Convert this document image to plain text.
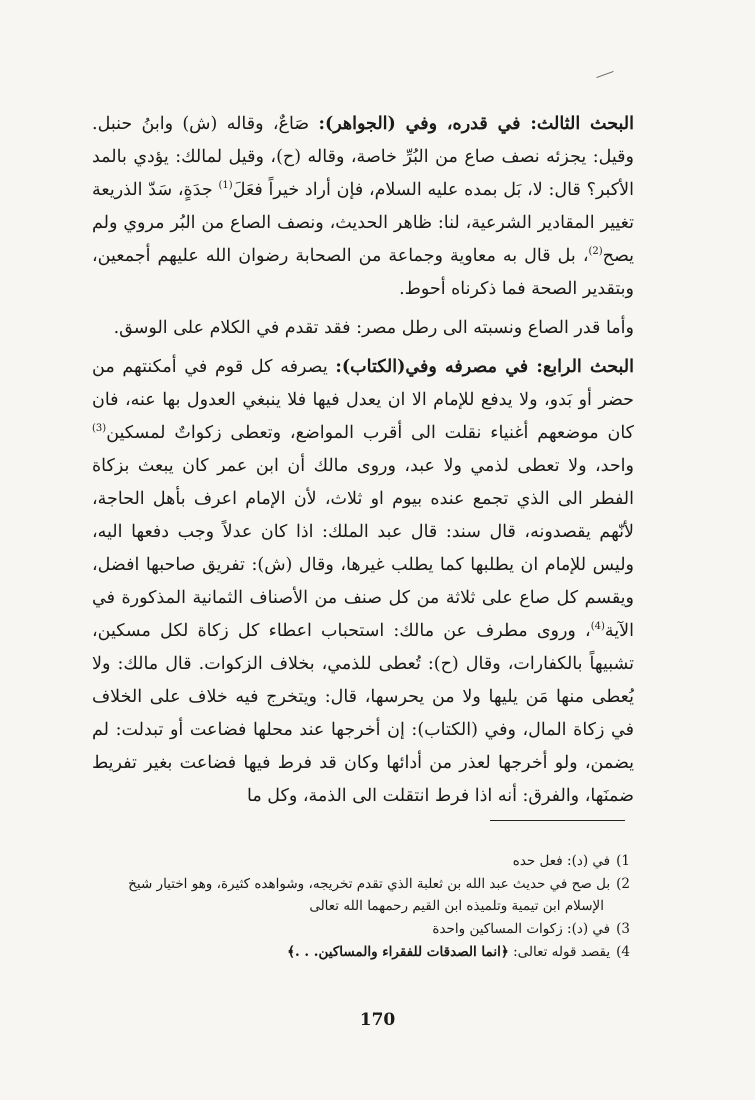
البحث الثالث: في قدره، وفي (الجواهر): صَاعٌ، وقاله (ش) وابنُ حنبل. وقيل: يجزئه نصف صاع من البُرِّ خاصة، وقاله (ح)، وقيل لمالك: يؤدي بالمد الأكبر؟ قال: لا، بَل بمده عليه السلام، فإن أراد خيراً فعَلَ$^{(1)}$ جدَةٍ، سَدّ الذريعة تغيير المقادير الشرعية، لنا: ظاهر الحديث، ونصف الصاع من البُر مروي ولم يصح$^{(2)}$، بل قال به معاوية وجماعة من الصحابة رضوان الله عليهم أجمعين، وبتقدير الصحة فما ذكرناه أحوط.

وأما قدر الصاع ونسبته الى رطل مصر: فقد تقدم في الكلام على الوسق.

البحث الرابع: في مصرفه وفي(الكتاب): يصرفه كل قوم في أمكنتهم من حضر أو بَدو، ولا يدفع للإمام الا ان يعدل فيها فلا ينبغي العدول بها عنه، فان كان موضعهم أغنياء نقلت الى أقرب المواضع، وتعطى زكواتٌ لمسكين$^{(3)}$ واحد، ولا تعطى لذمي ولا عبد، وروى مالك أن ابن عمر كان يبعث بزكاة الفطر الى الذي تجمع عنده بيوم او ثلاث، لأن الإمام اعرف بأهل الحاجة، لأنّهم يقصدونه، قال سند: قال عبد الملك: اذا كان عدلاً وجب دفعها اليه، وليس للإمام ان يطلبها كما يطلب غيرها، وقال (ش): تفريق صاحبها افضل، ويقسم كل صاع على ثلاثة من كل صنف من الأصناف الثمانية المذكورة في الآية$^{(4)}$، وروى مطرف عن مالك: استحباب اعطاء كل زكاة لكل مسكين، تشبيهاً بالكفارات، وقال (ح): تُعطى للذمي، بخلاف الزكوات. قال مالك: ولا يُعطى منها مَن يليها ولا من يحرسها، قال: ويتخرج فيه خلاف على الخلاف في زكاة المال، وفي (الكتاب): إن أخرجها عند محلها فضاعت أو تبدلت: لم يضمن، ولو أخرجها لعذر من أدائها وكان قد فرط فيها فضاعت بغير تفريط ضمنَها، والفرق: أنه اذا فرط انتقلت الى الذمة، وكل ما

1)في (د): فعل حده
2)بل صح في حديث عبد الله بن ثعلبة الذي تقدم تخريجه، وشواهده كثيرة، وهو اختيار شيخ
الإسلام ابن تيمية وتلميذه ابن القيم رحمهما الله تعالى
3)في (د): زكوات المساكين واحدة
4)يقصد قوله تعالى: ﴿انما الصدقات للفقراء والمساكين. . .﴾
170
